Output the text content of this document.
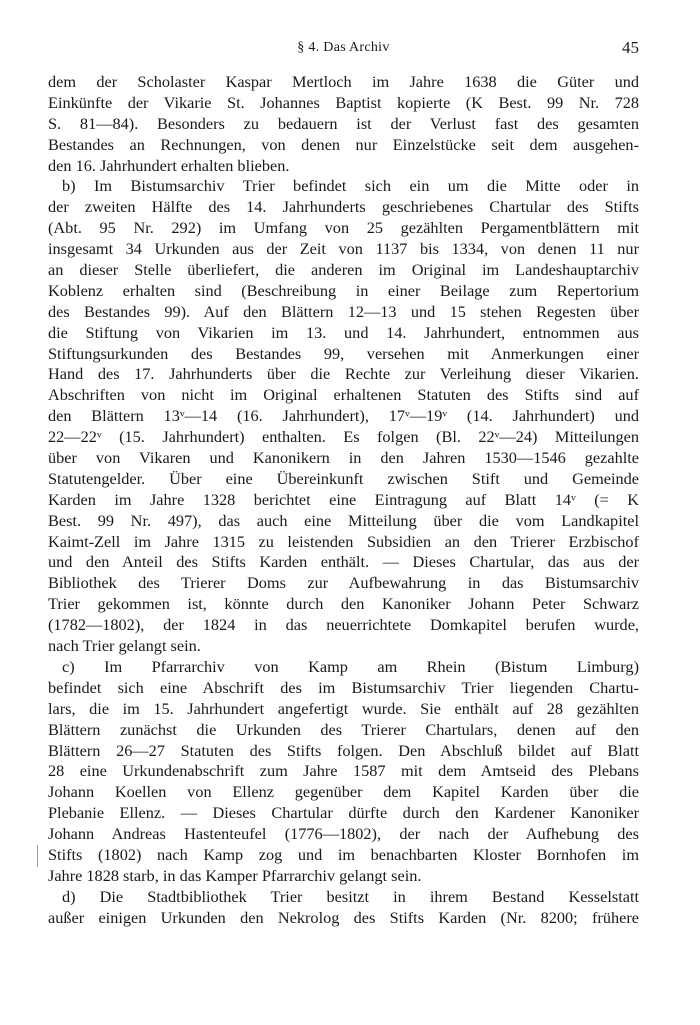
§ 4. Das Archiv	45
dem der Scholaster Kaspar Mertloch im Jahre 1638 die Güter und
Einkünfte der Vikarie St. Johannes Baptist kopierte (K Best. 99 Nr. 728
S. 81—84). Besonders zu bedauern ist der Verlust fast des gesamten
Bestandes an Rechnungen, von denen nur Einzelstücke seit dem ausgehen-
den 16. Jahrhundert erhalten blieben.
b) Im Bistumsarchiv Trier befindet sich ein um die Mitte oder in
der zweiten Hälfte des 14. Jahrhunderts geschriebenes Chartular des Stifts
(Abt. 95 Nr. 292) im Umfang von 25 gezählten Pergamentblättern mit
insgesamt 34 Urkunden aus der Zeit von 1137 bis 1334, von denen 11 nur
an dieser Stelle überliefert, die anderen im Original im Landeshauptarchiv
Koblenz erhalten sind (Beschreibung in einer Beilage zum Repertorium
des Bestandes 99). Auf den Blättern 12—13 und 15 stehen Regesten über
die Stiftung von Vikarien im 13. und 14. Jahrhundert, entnommen aus
Stiftungsurkunden des Bestandes 99, versehen mit Anmerkungen einer
Hand des 17. Jahrhunderts über die Rechte zur Verleihung dieser Vikarien.
Abschriften von nicht im Original erhaltenen Statuten des Stifts sind auf
den Blättern 13ᵛ—14 (16. Jahrhundert), 17ᵛ—19ᵛ (14. Jahrhundert) und
22—22ᵛ (15. Jahrhundert) enthalten. Es folgen (Bl. 22ᵛ—24) Mitteilungen
über von Vikaren und Kanonikern in den Jahren 1530—1546 gezahlte
Statutengelder. Über eine Übereinkunft zwischen Stift und Gemeinde
Karden im Jahre 1328 berichtet eine Eintragung auf Blatt 14ᵛ (= K
Best. 99 Nr. 497), das auch eine Mitteilung über die vom Landkapitel
Kaimt-Zell im Jahre 1315 zu leistenden Subsidien an den Trierer Erzbischof
und den Anteil des Stifts Karden enthält. — Dieses Chartular, das aus der
Bibliothek des Trierer Doms zur Aufbewahrung in das Bistumsarchiv
Trier gekommen ist, könnte durch den Kanoniker Johann Peter Schwarz
(1782—1802), der 1824 in das neuerrichtete Domkapitel berufen wurde,
nach Trier gelangt sein.
c) Im Pfarrarchiv von Kamp am Rhein (Bistum Limburg)
befindet sich eine Abschrift des im Bistumsarchiv Trier liegenden Chartu-
lars, die im 15. Jahrhundert angefertigt wurde. Sie enthält auf 28 gezählten
Blättern zunächst die Urkunden des Trierer Chartulars, denen auf den
Blättern 26—27 Statuten des Stifts folgen. Den Abschluß bildet auf Blatt
28 eine Urkundenabschrift zum Jahre 1587 mit dem Amtseid des Plebans
Johann Koellen von Ellenz gegenüber dem Kapitel Karden über die
Plebanie Ellenz. — Dieses Chartular dürfte durch den Kardener Kanoniker
Johann Andreas Hastenteufel (1776—1802), der nach der Aufhebung des
Stifts (1802) nach Kamp zog und im benachbarten Kloster Bornhofen im
Jahre 1828 starb, in das Kamper Pfarrarchiv gelangt sein.
d) Die Stadtbibliothek Trier besitzt in ihrem Bestand Kesselstatt
außer einigen Urkunden den Nekrolog des Stifts Karden (Nr. 8200; frühere
